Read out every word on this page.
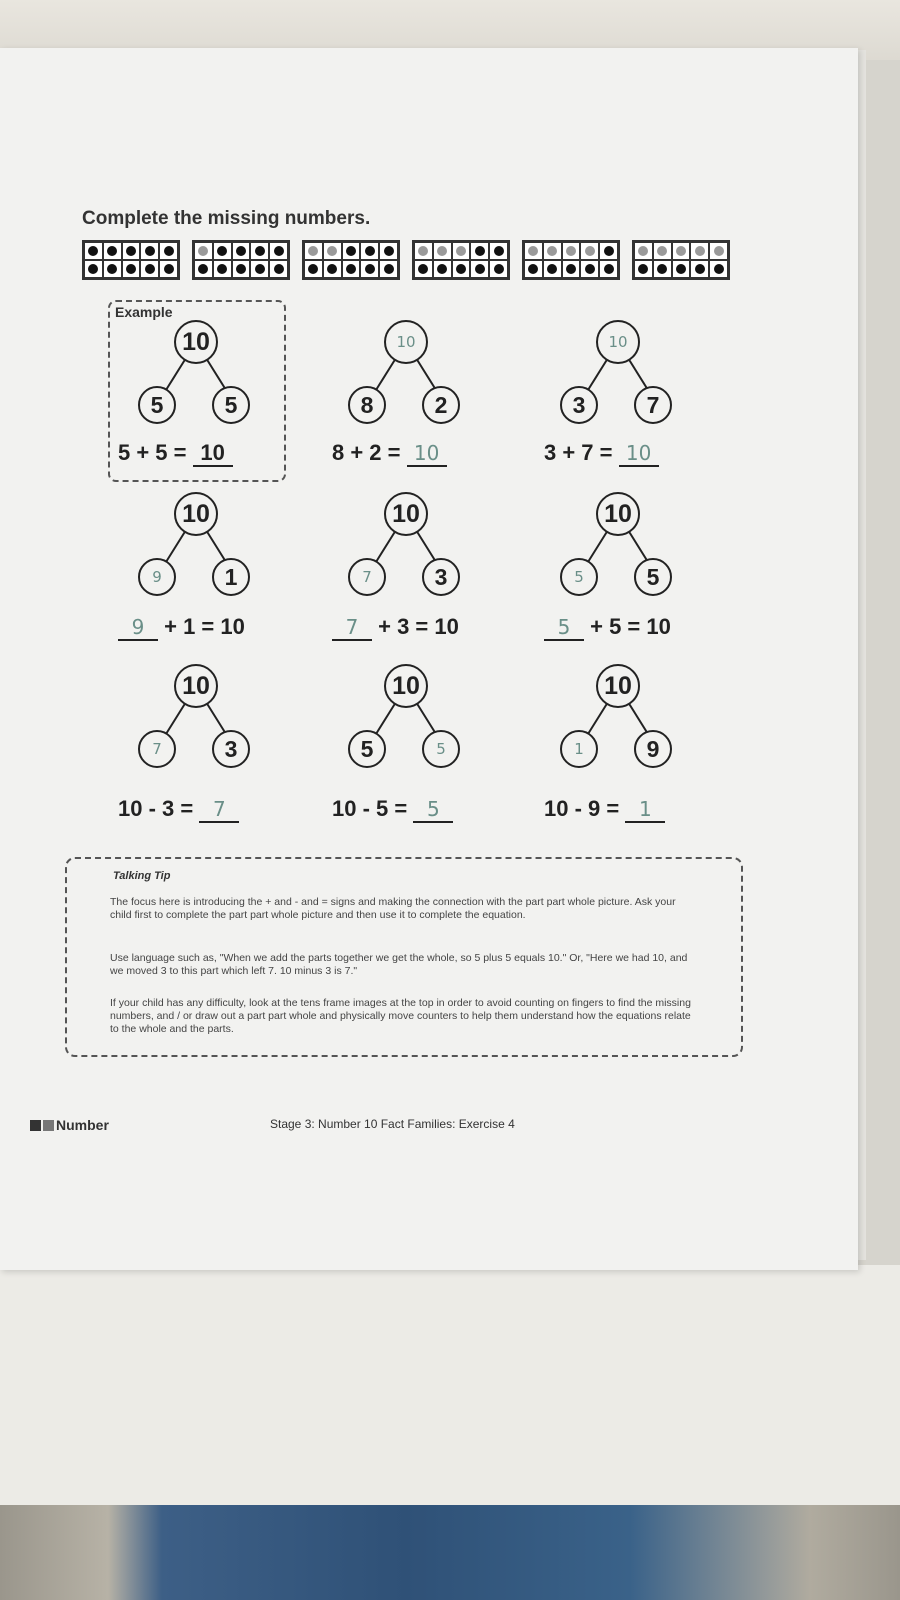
Complete the missing numbers.
Example
10
5	5
5 + 5 = 10
10
8	2
8 + 2 = 10
10
3	7
3 + 7 = 10
10
9	1
9 + 1 = 10
10
7	3
7 + 3 = 10
10
5	5
5 + 5 = 10
10
7	3
10 - 3 = 7
10
5	5
10 - 5 = 5
10
1	9
10 - 9 = 1
Talking Tip
The focus here is introducing the + and - and = signs and making the connection with the part part whole picture. Ask your child first to complete the part part whole picture and then use it to complete the equation.
Use language such as, "When we add the parts together we get the whole, so 5 plus 5 equals 10." Or, "Here we had 10, and we moved 3 to this part which left 7. 10 minus 3 is 7."
If your child has any difficulty, look at the tens frame images at the top in order to avoid counting on fingers to find the missing numbers, and / or draw out a part part whole and physically move counters to help them understand how the equations relate to the whole and the parts.
Number	Stage 3: Number 10 Fact Families: Exercise 4
